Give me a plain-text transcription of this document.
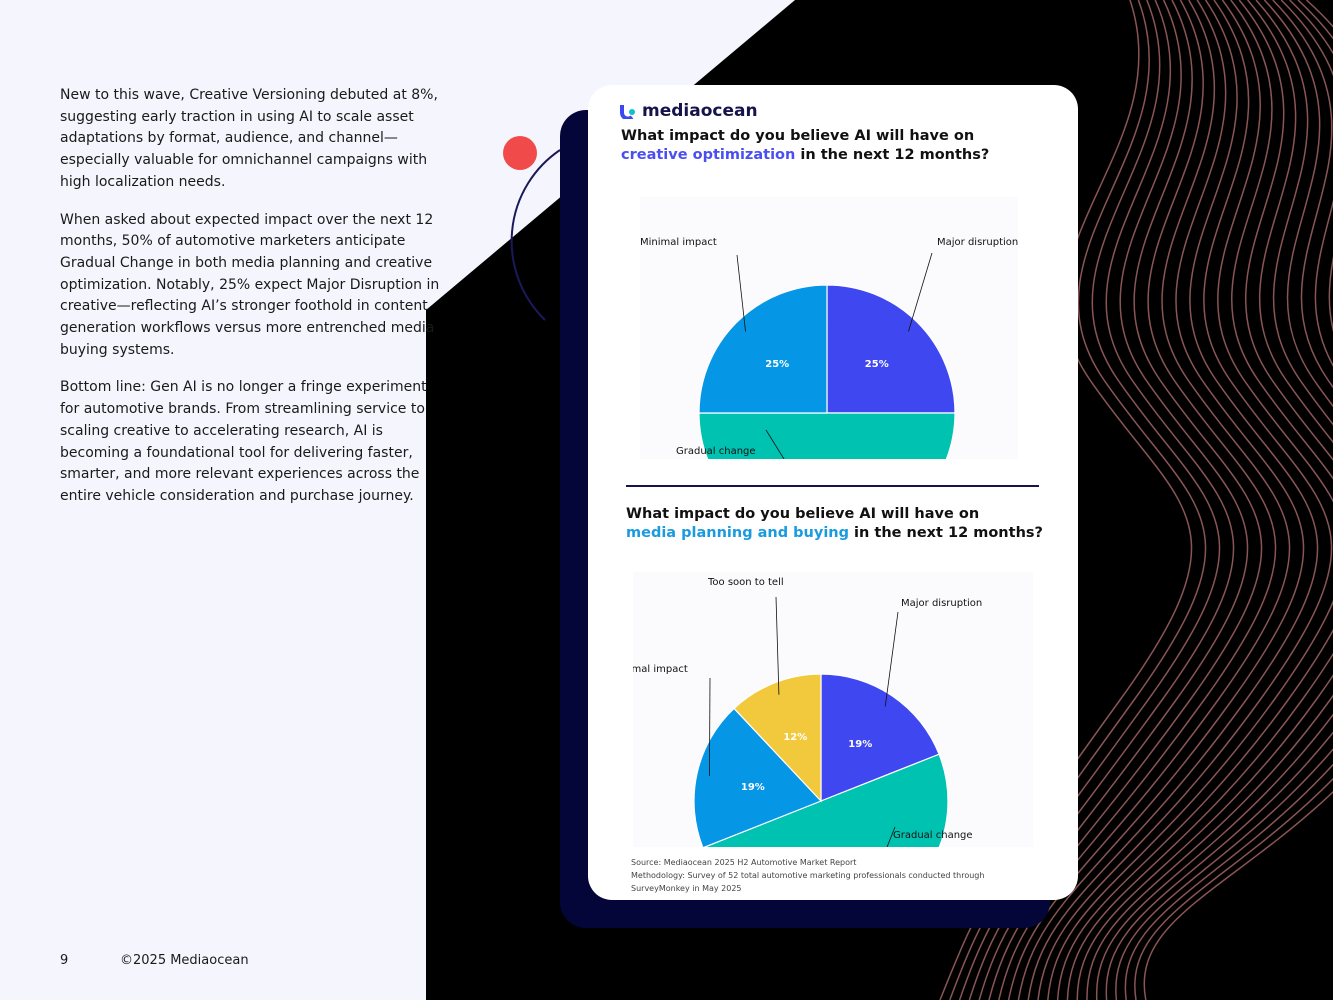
New to this wave, Creative Versioning debuted at 8%, suggesting early traction in using AI to scale asset adaptations by format, audience, and channel—especially valuable for omnichannel campaigns with high localization needs.

When asked about expected impact over the next 12 months, 50% of automotive marketers anticipate Gradual Change in both media planning and creative optimization. Notably, 25% expect Major Disruption in creative—reflecting AI’s stronger foothold in content generation workflows versus more entrenched media buying systems.

Bottom line: Gen AI is no longer a fringe experiment for automotive brands. From streamlining service to scaling creative to accelerating research, AI is becoming a foundational tool for delivering faster, smarter, and more relevant experiences across the entire vehicle consideration and purchase journey.

9	©2025 Mediaocean
mediaocean
What impact do you believe AI will have on
creative optimization in the next 12 months?
25%
Major disruption
Gradual change
25%
Minimal impact
What impact do you believe AI will have on
media planning and buying in the next 12 months?
19%
Major disruption
Gradual change
19%
mal impact
12%
Too soon to tell
Source: Mediaocean 2025 H2 Automotive Market Report
Methodology: Survey of 52 total automotive marketing professionals conducted through SurveyMonkey in May 2025
